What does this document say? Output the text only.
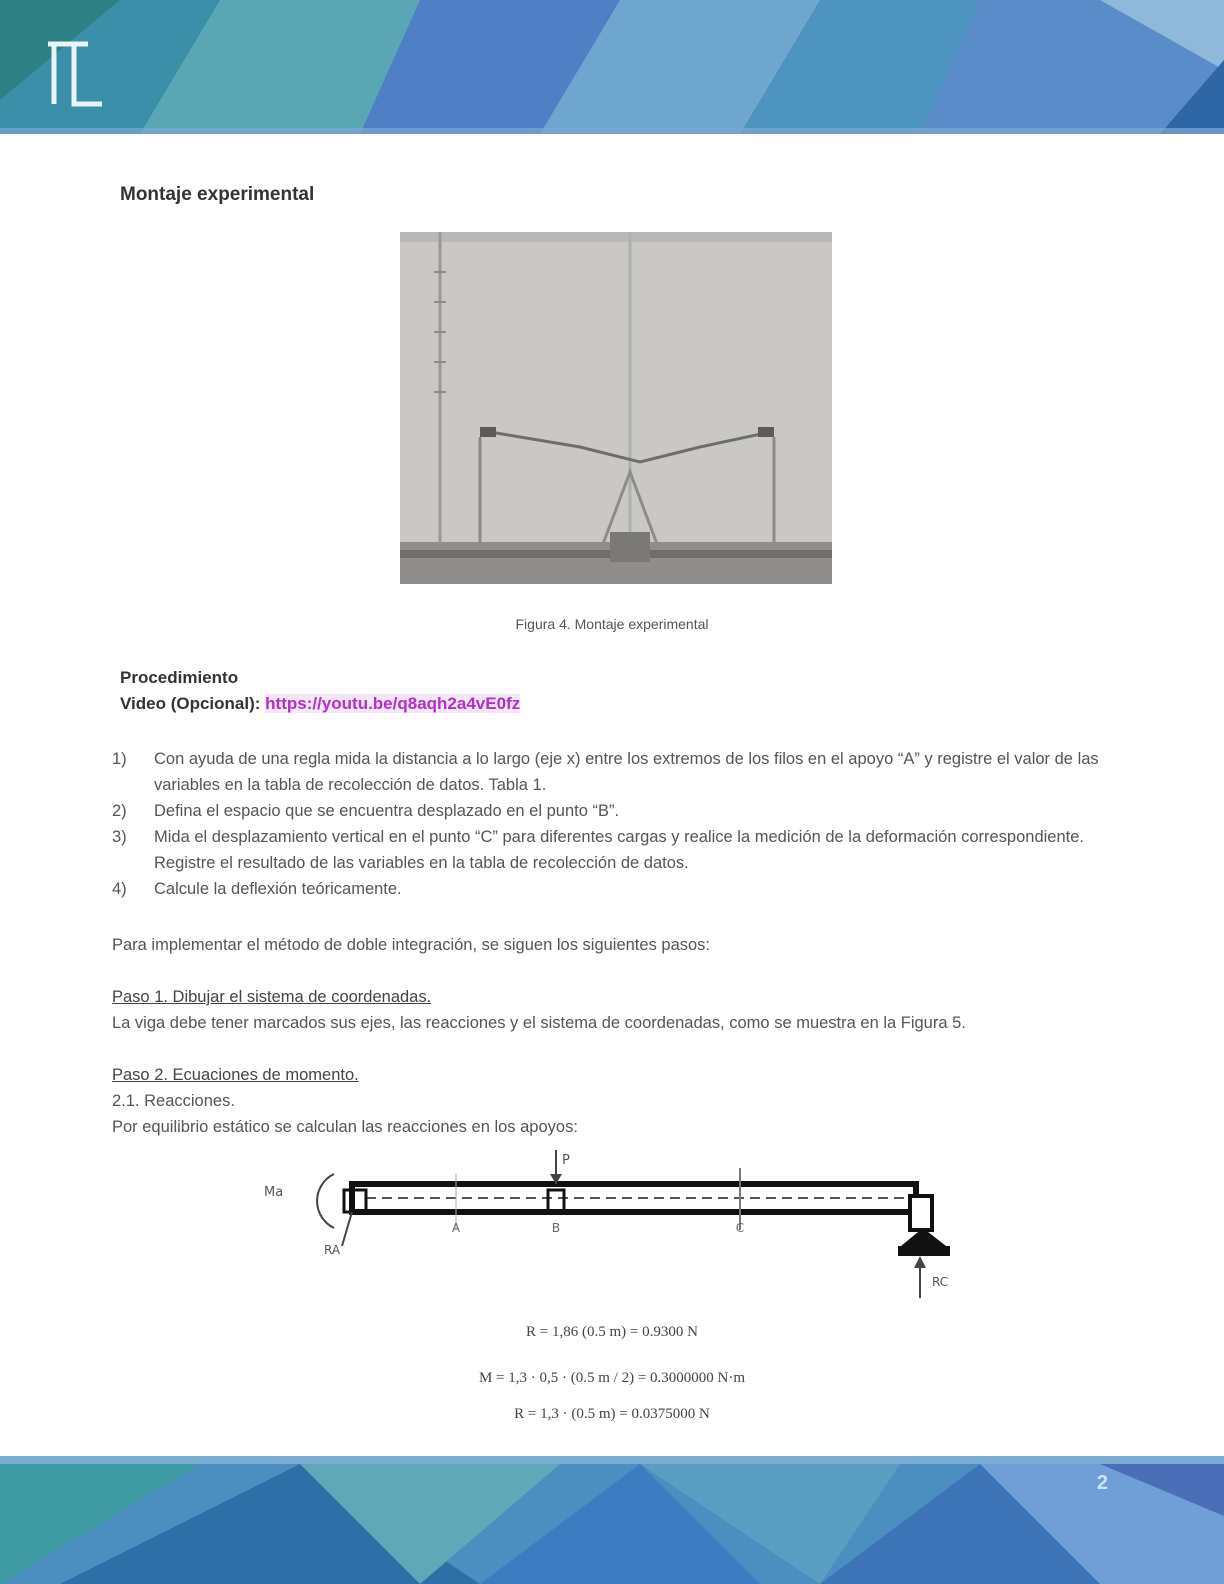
Montaje experimental
Figura 4. Montaje experimental
Procedimiento
Video (Opcional): https://youtu.be/q8aqh2a4vE0fz
1) Con ayuda de una regla mida la distancia a lo largo (eje x) entre los extremos de los filos en el apoyo “A” y registre el valor de las variables en la tabla de recolección de datos. Tabla 1.
2) Defina el espacio que se encuentra desplazado en el punto “B”.
3) Mida el desplazamiento vertical en el punto “C” para diferentes cargas y realice la medición de la deformación correspondiente. Registre el resultado de las variables en la tabla de recolección de datos.
4) Calcule la deflexión teóricamente.
Para implementar el método de doble integración, se siguen los siguientes pasos:
Paso 1. Dibujar el sistema de coordenadas.
La viga debe tener marcados sus ejes, las reacciones y el sistema de coordenadas, como se muestra en la Figura 5.
Paso 2. Ecuaciones de momento.
2.1. Reacciones.
Por equilibrio estático se calculan las reacciones en los apoyos:
P
A	B	C
Ma
RA
RC
R = 1,86 (0.5 m) = 0.9300 N
M = 1,3 · 0,5 · (0.5 m / 2) = 0.3000000 N·m
R = 1,3 · (0.5 m) = 0.0375000 N
2
